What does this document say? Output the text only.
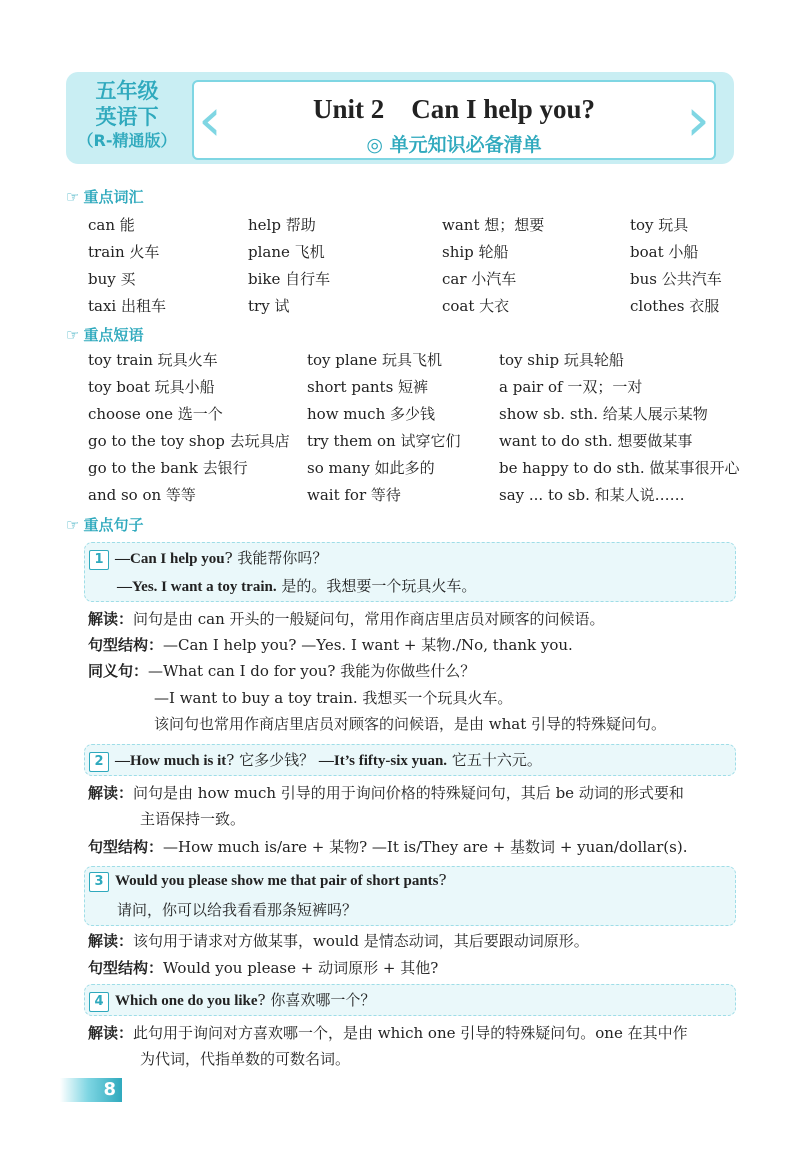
五年级
英语下
（R-精通版） ‹	›
Unit 2    Can I help you?
◎ 单元知识必备清单
☞ 重点词汇
can 能	help 帮助	want 想；想要	toy 玩具
train 火车	plane 飞机	ship 轮船	boat 小船
buy 买	bike 自行车	car 小汽车	bus 公共汽车
taxi 出租车	try 试	coat 大衣	clothes 衣服
☞ 重点短语
toy train 玩具火车	toy plane 玩具飞机	toy ship 玩具轮船
toy boat 玩具小船	short pants 短裤	a pair of 一双；一对
choose one 选一个	how much 多少钱	show sb. sth. 给某人展示某物
go to the toy shop 去玩具店 try them on 试穿它们	want to do sth. 想要做某事
go to the bank 去银行	so many 如此多的	be happy to do sth. 做某事很开心
and so on 等等	wait for 等待	say ... to sb. 和某人说……
☞ 重点句子
1 —Can I help you? 我能帮你吗？
—Yes. I want a toy train. 是的。我想要一个玩具火车。
解读：问句是由 can 开头的一般疑问句，常用作商店里店员对顾客的问候语。
句型结构：—Can I help you? —Yes. I want + 某物./No, thank you.
同义句：—What can I do for you? 我能为你做些什么？
—I want to buy a toy train. 我想买一个玩具火车。
该问句也常用作商店里店员对顾客的问候语，是由 what 引导的特殊疑问句。
2 —How much is it? 它多少钱？ —It’s fifty-six yuan. 它五十六元。
解读：问句是由 how much 引导的用于询问价格的特殊疑问句，其后 be 动词的形式要和
主语保持一致。
句型结构：—How much is/are + 某物? —It is/They are + 基数词 + yuan/dollar(s).
3 Would you please show me that pair of short pants?
请问，你可以给我看看那条短裤吗？
解读：该句用于请求对方做某事，would 是情态动词，其后要跟动词原形。
句型结构：Would you please + 动词原形 + 其他?
4 Which one do you like? 你喜欢哪一个？
解读：此句用于询问对方喜欢哪一个，是由 which one 引导的特殊疑问句。one 在其中作
为代词，代指单数的可数名词。
8
